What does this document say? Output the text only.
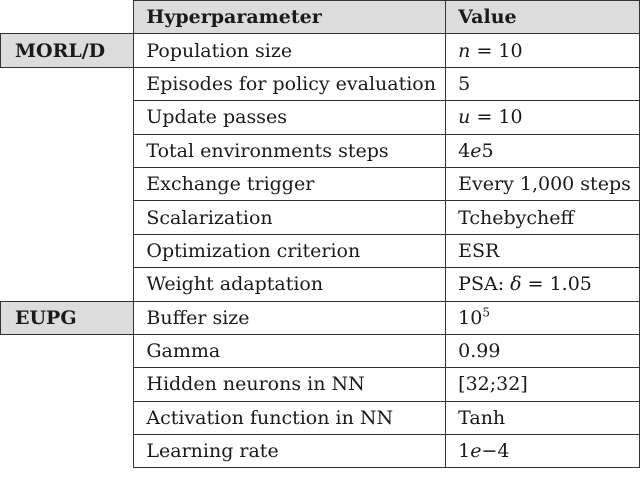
	Hyperparameter	Value
MORL/D	Population size	n = 10
	Episodes for policy evaluation	5
	Update passes	u = 10
	Total environments steps	4e5
	Exchange trigger	Every 1,000 steps
	Scalarization	Tchebycheff
	Optimization criterion	ESR
	Weight adaptation	PSA: δ = 1.05
EUPG	Buffer size	$10^5$
	Gamma	0.99
	Hidden neurons in NN	[32;32]
	Activation function in NN	Tanh
	Learning rate	1e−4
